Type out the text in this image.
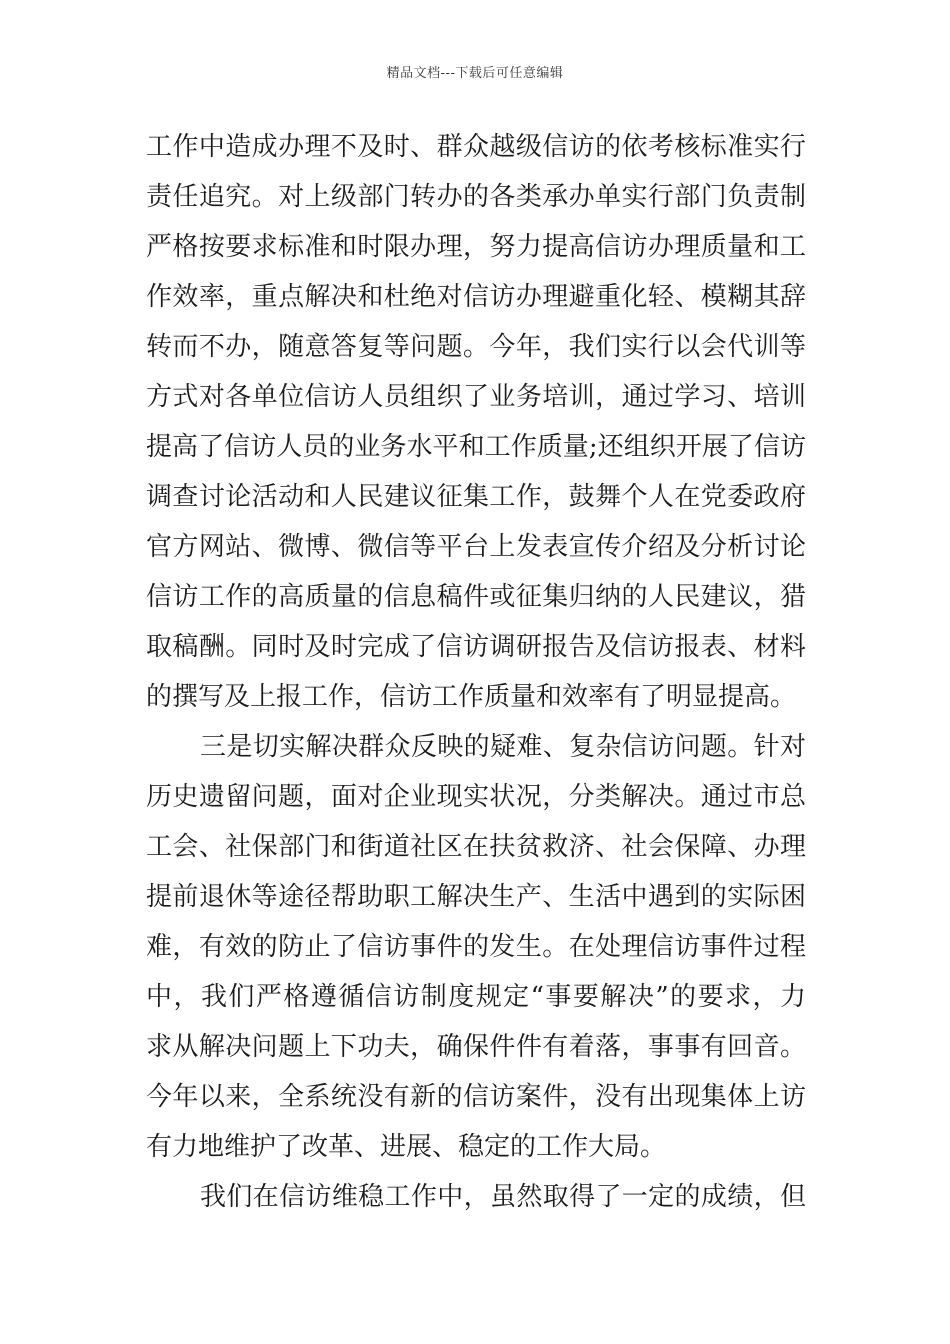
精品文档---下载后可任意编辑
工作中造成办理不及时、群众越级信访的依考核标准实行
责任追究。对上级部门转办的各类承办单实行部门负责制
严格按要求标准和时限办理，努力提高信访办理质量和工
作效率，重点解决和杜绝对信访办理避重化轻、模糊其辞
转而不办，随意答复等问题。今年，我们实行以会代训等
方式对各单位信访人员组织了业务培训，通过学习、培训
提高了信访人员的业务水平和工作质量;还组织开展了信访
调查讨论活动和人民建议征集工作，鼓舞个人在党委政府
官方网站、微博、微信等平台上发表宣传介绍及分析讨论
信访工作的高质量的信息稿件或征集归纳的人民建议，猎
取稿酬。同时及时完成了信访调研报告及信访报表、材料
的撰写及上报工作，信访工作质量和效率有了明显提高。
三是切实解决群众反映的疑难、复杂信访问题。针对
历史遗留问题，面对企业现实状况，分类解决。通过市总
工会、社保部门和街道社区在扶贫救济、社会保障、办理
提前退休等途径帮助职工解决生产、生活中遇到的实际困
难，有效的防止了信访事件的发生。在处理信访事件过程
中，我们严格遵循信访制度规定“事要解决”的要求，力
求从解决问题上下功夫，确保件件有着落，事事有回音。
今年以来，全系统没有新的信访案件，没有出现集体上访
有力地维护了改革、进展、稳定的工作大局。
我们在信访维稳工作中，虽然取得了一定的成绩，但
